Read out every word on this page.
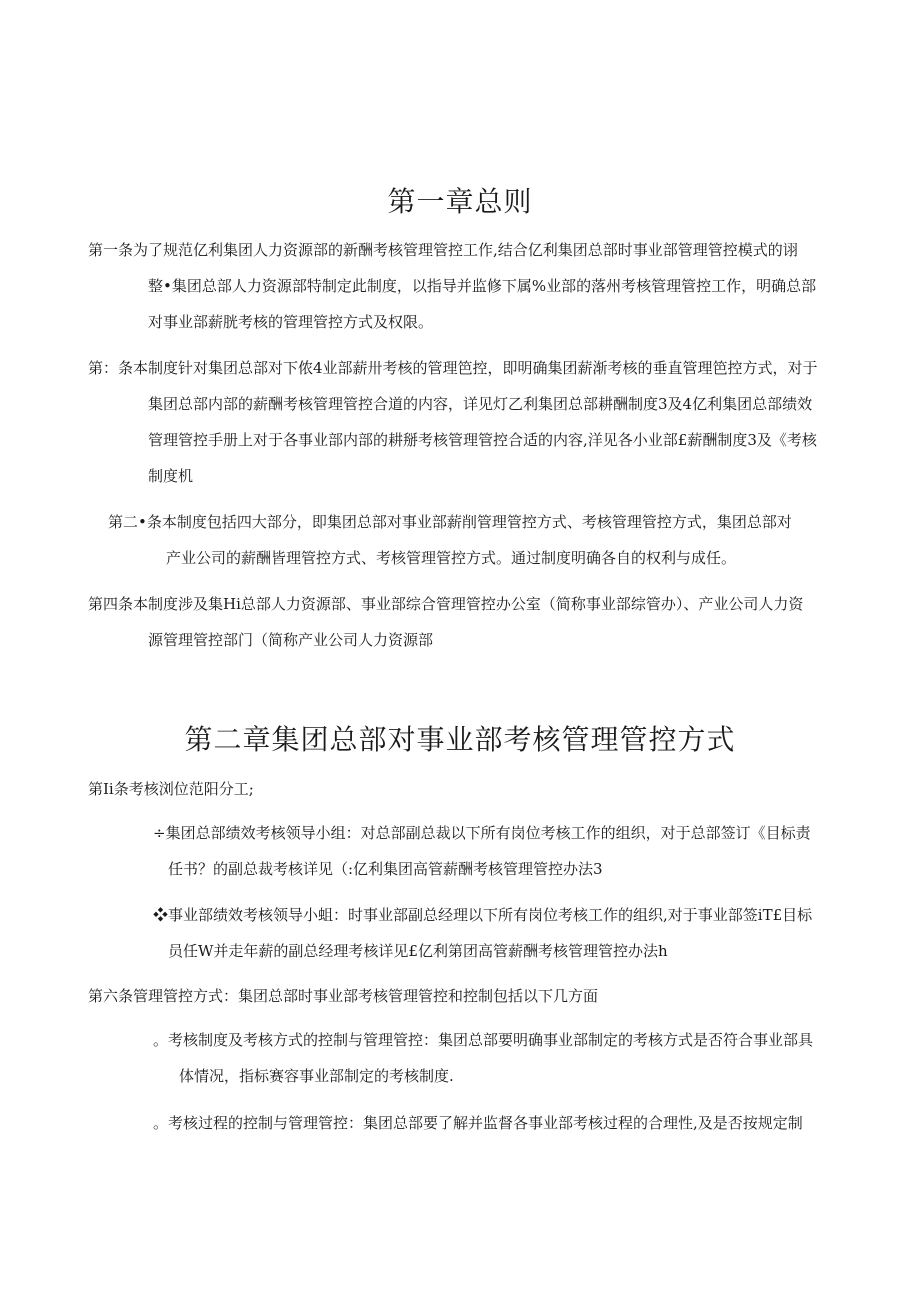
第一章总则

第一条为了规范亿利集团人力资源部的新酬考核管理管控工作,结合亿利集团总部时事业部管理管控模式的诩
整•集团总部人力资源部特制定此制度，以指导并监修下属%业部的落州考核管理管控工作，明确总部
对事业部薪胱考核的管理管控方式及权限。

第：条本制度针对集团总部对下侬4业部薪卅考核的管理笆控，即明确集团薪渐考核的垂直管理笆控方式，对于
集团总部内部的薪酬考核管理管控合道的内容，详见灯乙利集团总部耕酬制度3及4亿利集团总部绩效
管理管控手册上对于各事业部内部的耕掰考核管理管控合适的内容,洋见各小业部£薪酬制度3及《考核
制度机

第二•条本制度包括四大部分，即集团总部对事业部薪削管理管控方式、考核管理管控方式，集团总部对
产业公司的薪酬皆理管控方式、考核管理管控方式。通过制度明确各自的权利与成任。

第四条本制度涉及集Hi总部人力资源部、事业部综合管理管控办公室（简称事业部综管办）、产业公司人力资
源管理管控部门（简称产业公司人力资源部

第二章集团总部对事业部考核管理管控方式

第Ii条考核浏位范阳分工;

÷集团总部绩效考核领导小组：对总部副总裁以下所有岗位考核工作的组织，对于总部签订《目标责
任书？的副总裁考核详见（:亿利集团高管薪酬考核管理管控办法3

❖事业部绩效考核领导小蛆：时事业部副总经理以下所有岗位考核工作的组织,对于事业部签iT£目标
员任W并走年薪的副总经理考核详见£亿利第团高管薪酬考核管理管控办法h

第六条管理管控方式：集团总部时事业部考核管理管控和控制包括以下几方面

。考核制度及考核方式的控制与管理管控：集团总部要明确事业部制定的考核方式是否符合事业部具
体情况，指标赛容事业部制定的考核制度.

。考核过程的控制与管理管控：集团总部要了解并监督各事业部考核过程的合理性,及是否按规定制
